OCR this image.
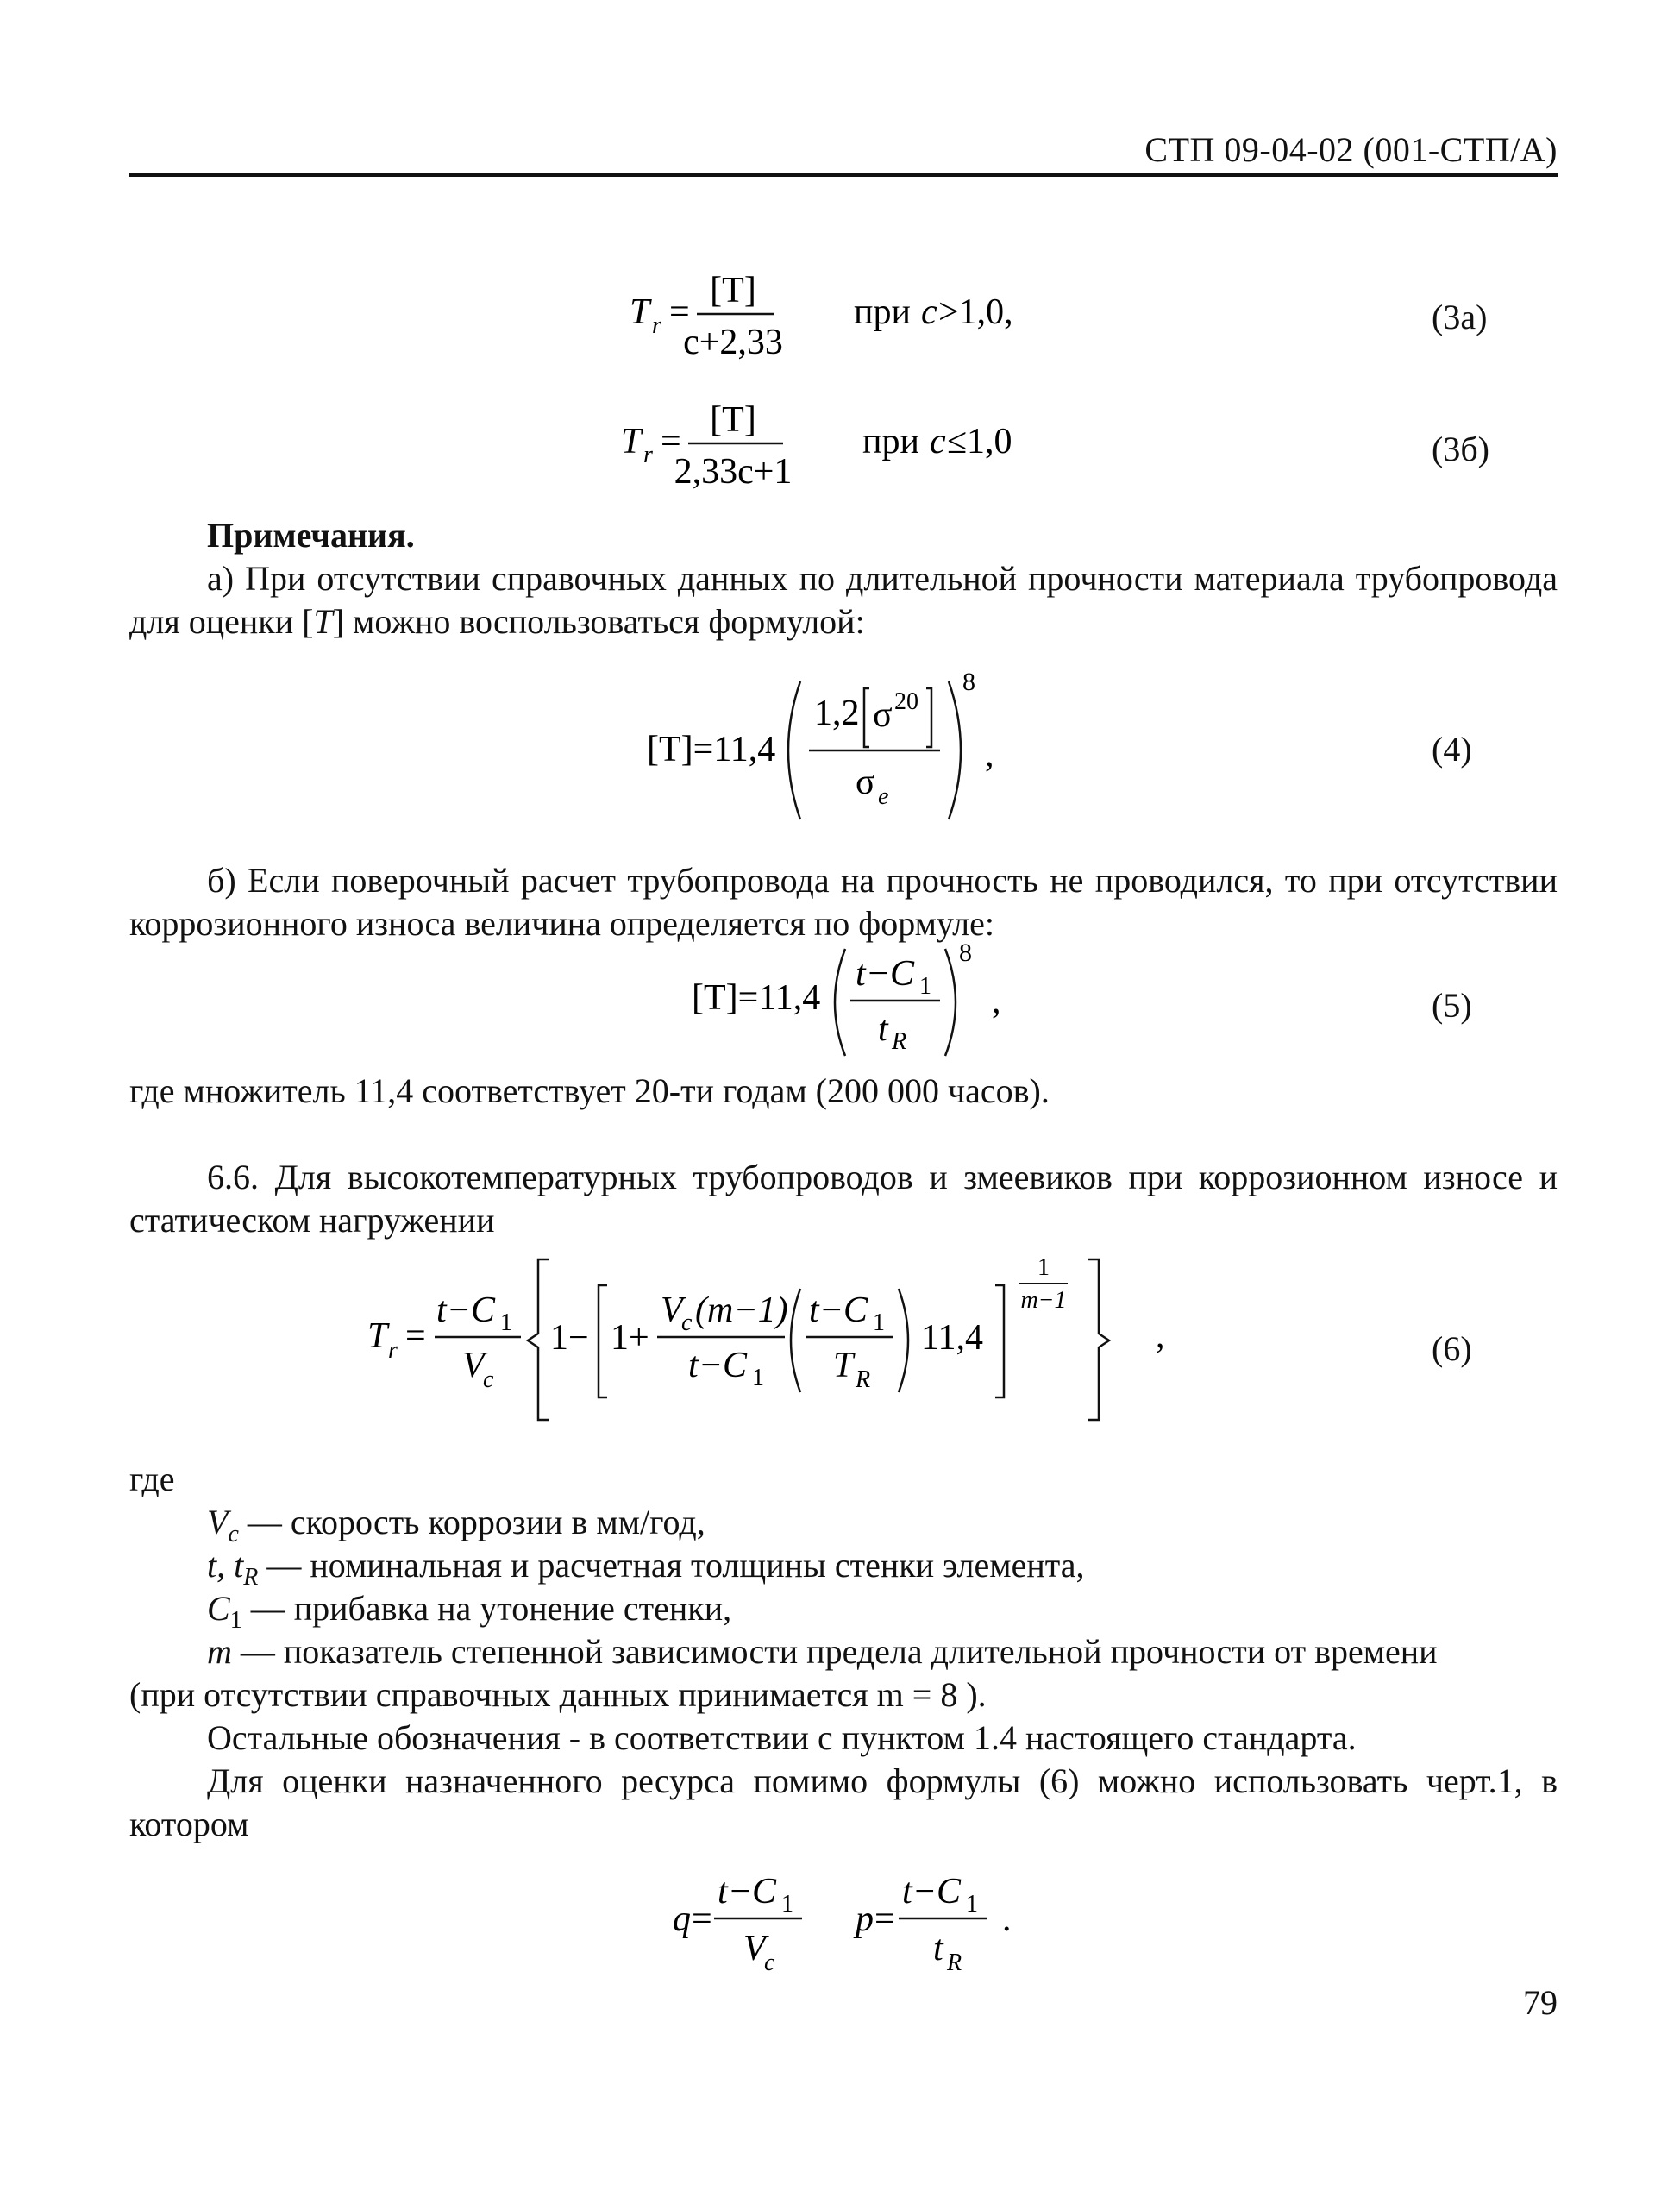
СТП 09-04-02 (001-СТП/А)
T r =
[T]
c+2,33
при c >1,0,	(3а)
T r =
[T]
2,33c+1
при c ≤1,0	(3б)
Примечания.
а) При отсутствии справочных данных по длительной прочности материала трубопровода для оценки [T] можно воспользоваться формулой:
[T]=11,4
1,2 σ 20
σ e
8
,	(4)
б) Если поверочный расчет трубопровода на прочность не проводился, то при отсутствии коррозионного износа величина определяется по формуле:
[T]=11,4
t−C 1
t R
8
,	(5)
где множитель 11,4 соответствует 20-ти годам (200 000 часов).
6.6. Для высокотемпературных трубопроводов и змеевиков при коррозионном износе и статическом нагружении
T r =
t−C 1
V
c
1− 1+
V
c (m−1)
t−C 1
t−C 1
T R
11,4
1
m−1
,	(6)
где
$V_c$ — скорость коррозии в мм/год,
t, $t_R$ — номинальная и расчетная толщины стенки элемента,
$C_1$ — прибавка на утонение стенки,
m — показатель степенной зависимости предела длительной прочности от времени
(при отсутствии справочных данных принимается m = 8 ).
Остальные обозначения - в соответствии с пунктом 1.4 настоящего стандарта.
Для оценки назначенного ресурса помимо формулы (6) можно использовать черт.1, в котором
q =
t−C 1
V
c
p =
t−C 1
t R
.
79
